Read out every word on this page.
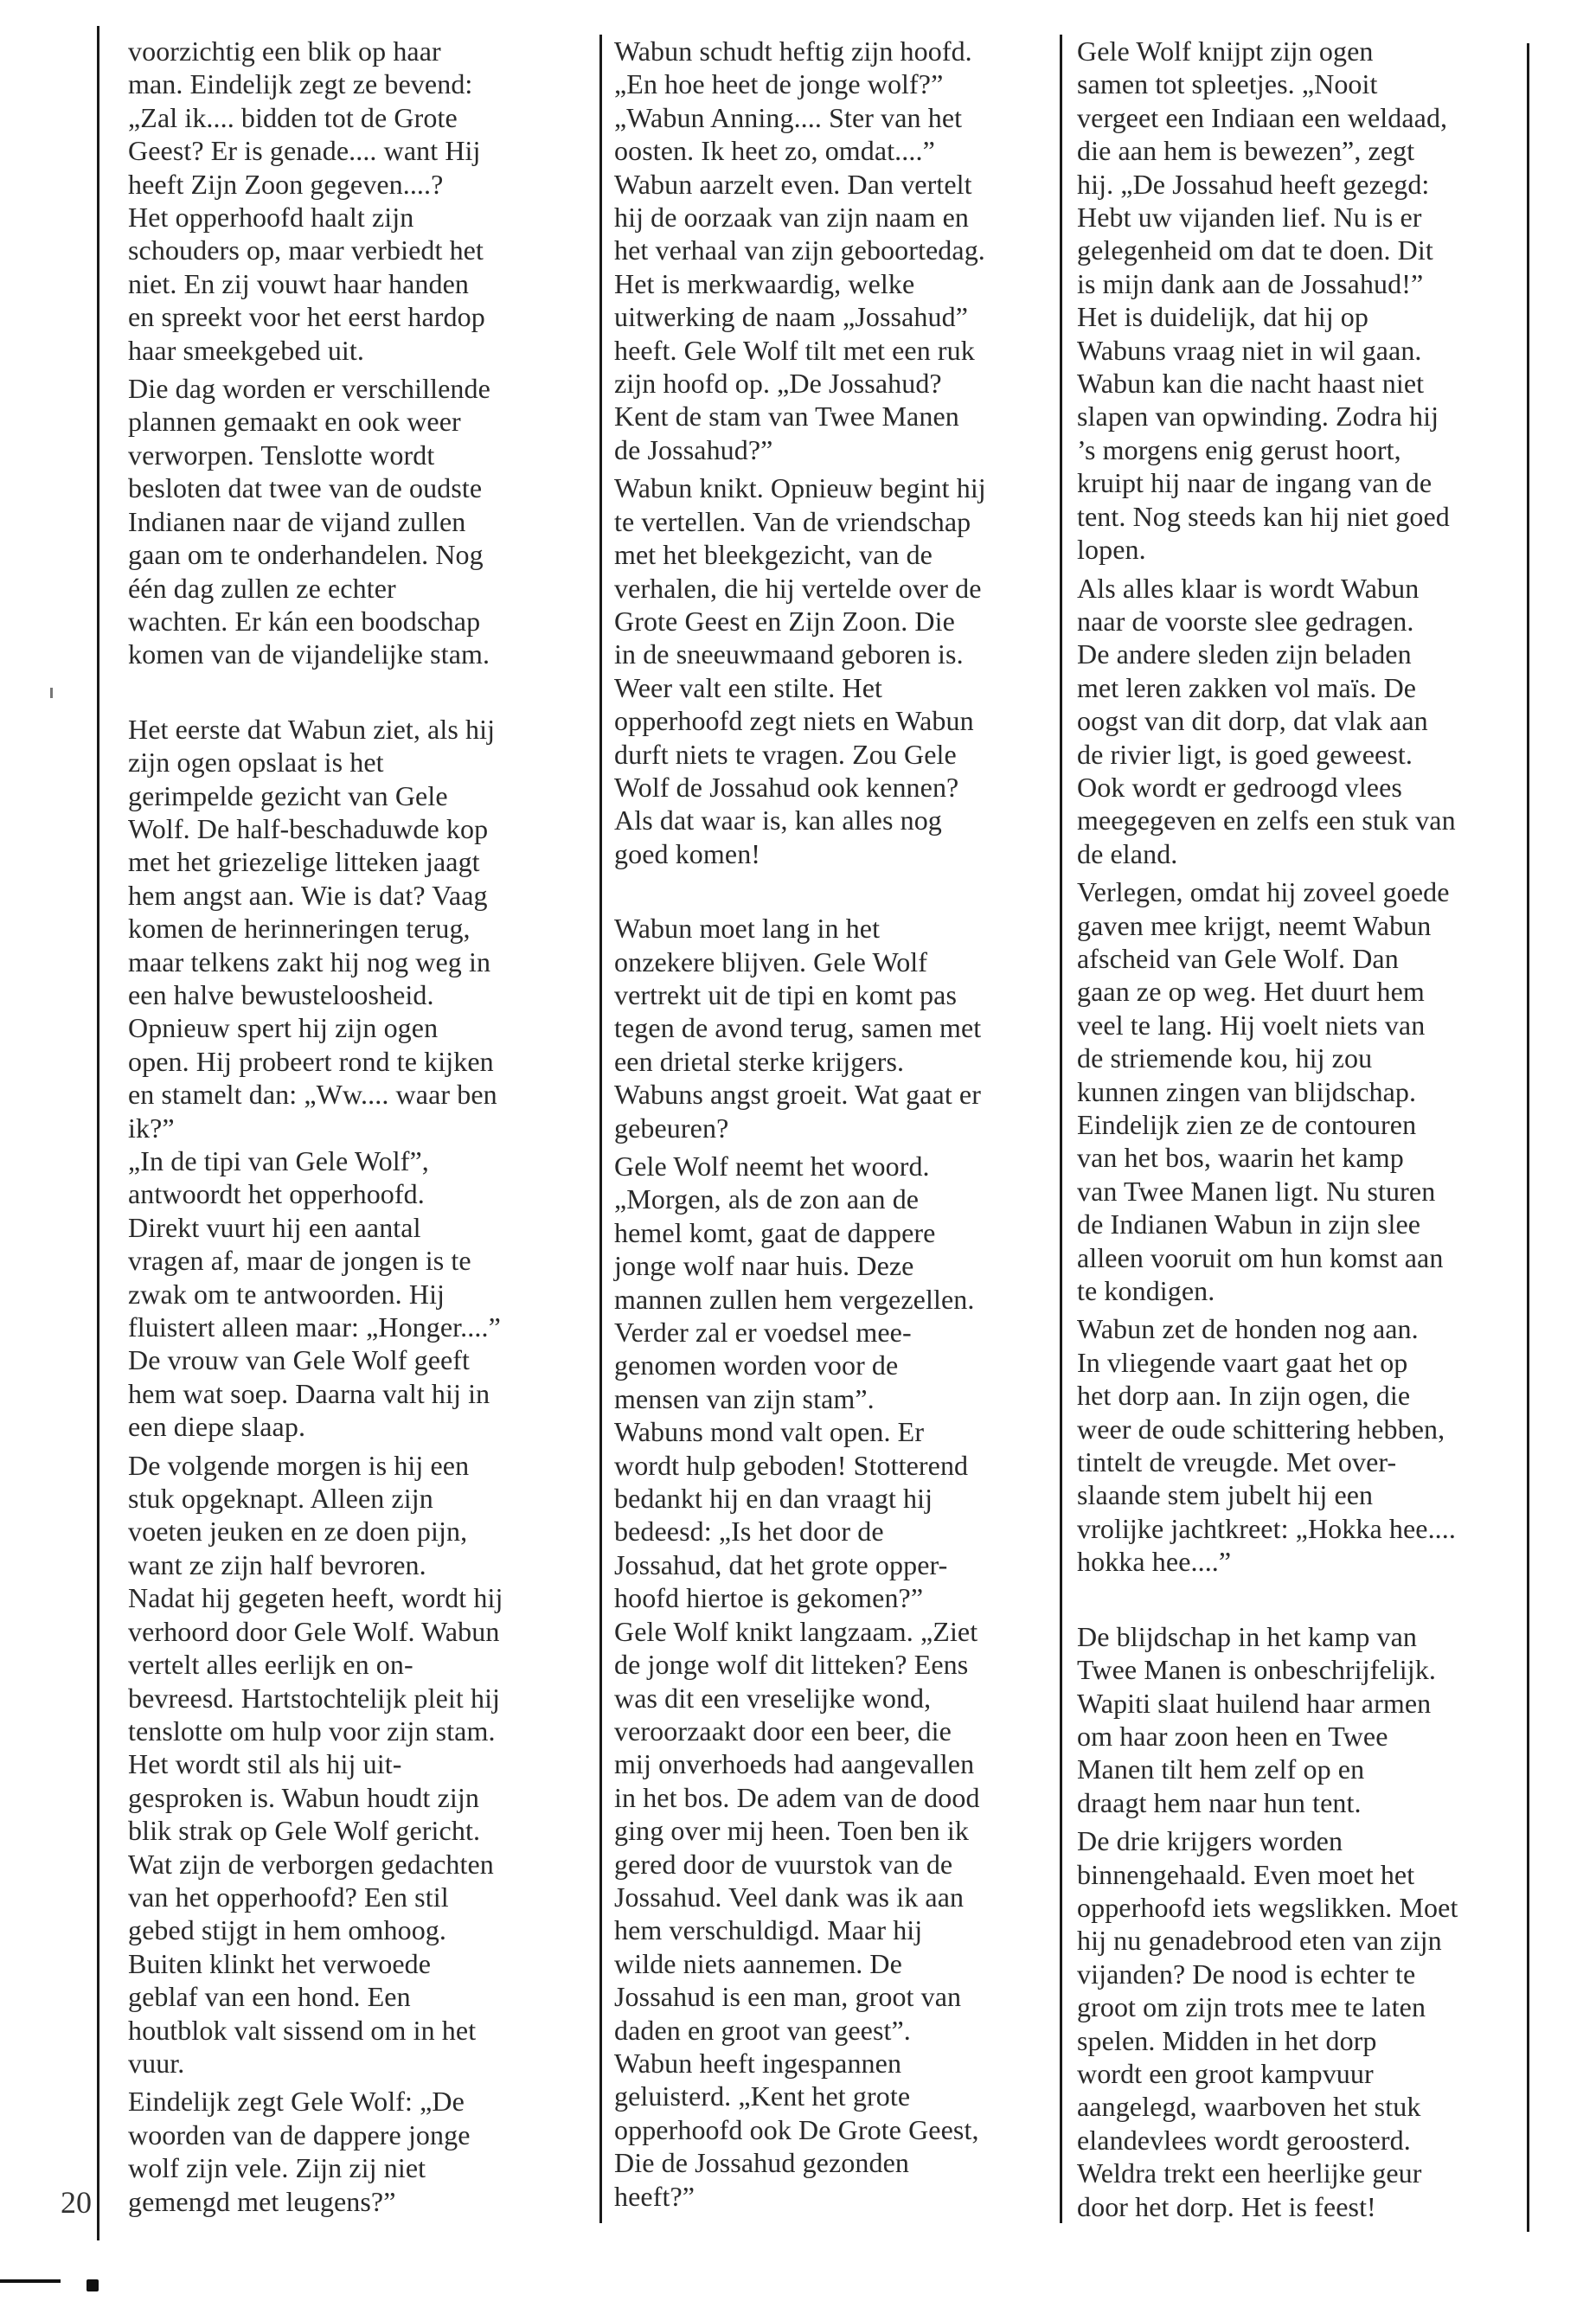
voorzichtig een blik op haar
man. Eindelijk zegt ze bevend:
„Zal ik.... bidden tot de Grote
Geest? Er is genade.... want Hij
heeft Zijn Zoon gegeven....?
Het opperhoofd haalt zijn
schouders op, maar verbiedt het
niet. En zij vouwt haar handen
en spreekt voor het eerst hardop
haar smeekgebed uit.

Die dag worden er verschillende
plannen gemaakt en ook weer
verworpen. Tenslotte wordt
besloten dat twee van de oudste
Indianen naar de vijand zullen
gaan om te onderhandelen. Nog
één dag zullen ze echter
wachten. Er kán een boodschap
komen van de vijandelijke stam.

Het eerste dat Wabun ziet, als hij
zijn ogen opslaat is het
gerimpelde gezicht van Gele
Wolf. De half-beschaduwde kop
met het griezelige litteken jaagt
hem angst aan. Wie is dat? Vaag
komen de herinneringen terug,
maar telkens zakt hij nog weg in
een halve bewusteloosheid.
Opnieuw spert hij zijn ogen
open. Hij probeert rond te kijken
en stamelt dan: „Ww.... waar ben
ik?”
„In de tipi van Gele Wolf”,
antwoordt het opperhoofd.
Direkt vuurt hij een aantal
vragen af, maar de jongen is te
zwak om te antwoorden. Hij
fluistert alleen maar: „Honger....”
De vrouw van Gele Wolf geeft
hem wat soep. Daarna valt hij in
een diepe slaap.

De volgende morgen is hij een
stuk opgeknapt. Alleen zijn
voeten jeuken en ze doen pijn,
want ze zijn half bevroren.
Nadat hij gegeten heeft, wordt hij
verhoord door Gele Wolf. Wabun
vertelt alles eerlijk en on-
bevreesd. Hartstochtelijk pleit hij
tenslotte om hulp voor zijn stam.
Het wordt stil als hij uit-
gesproken is. Wabun houdt zijn
blik strak op Gele Wolf gericht.
Wat zijn de verborgen gedachten
van het opperhoofd? Een stil
gebed stijgt in hem omhoog.
Buiten klinkt het verwoede
geblaf van een hond. Een
houtblok valt sissend om in het
vuur.

Eindelijk zegt Gele Wolf: „De
woorden van de dappere jonge
wolf zijn vele. Zijn zij niet
gemengd met leugens?”

Wabun schudt heftig zijn hoofd.
„En hoe heet de jonge wolf?”
„Wabun Anning.... Ster van het
oosten. Ik heet zo, omdat....”
Wabun aarzelt even. Dan vertelt
hij de oorzaak van zijn naam en
het verhaal van zijn geboortedag.
Het is merkwaardig, welke
uitwerking de naam „Jossahud”
heeft. Gele Wolf tilt met een ruk
zijn hoofd op. „De Jossahud?
Kent de stam van Twee Manen
de Jossahud?”

Wabun knikt. Opnieuw begint hij
te vertellen. Van de vriendschap
met het bleekgezicht, van de
verhalen, die hij vertelde over de
Grote Geest en Zijn Zoon. Die
in de sneeuwmaand geboren is.
Weer valt een stilte. Het
opperhoofd zegt niets en Wabun
durft niets te vragen. Zou Gele
Wolf de Jossahud ook kennen?
Als dat waar is, kan alles nog
goed komen!

Wabun moet lang in het
onzekere blijven. Gele Wolf
vertrekt uit de tipi en komt pas
tegen de avond terug, samen met
een drietal sterke krijgers.
Wabuns angst groeit. Wat gaat er
gebeuren?

Gele Wolf neemt het woord.
„Morgen, als de zon aan de
hemel komt, gaat de dappere
jonge wolf naar huis. Deze
mannen zullen hem vergezellen.
Verder zal er voedsel mee-
genomen worden voor de
mensen van zijn stam”.
Wabuns mond valt open. Er
wordt hulp geboden! Stotterend
bedankt hij en dan vraagt hij
bedeesd: „Is het door de
Jossahud, dat het grote opper-
hoofd hiertoe is gekomen?”
Gele Wolf knikt langzaam. „Ziet
de jonge wolf dit litteken? Eens
was dit een vreselijke wond,
veroorzaakt door een beer, die
mij onverhoeds had aangevallen
in het bos. De adem van de dood
ging over mij heen. Toen ben ik
gered door de vuurstok van de
Jossahud. Veel dank was ik aan
hem verschuldigd. Maar hij
wilde niets aannemen. De
Jossahud is een man, groot van
daden en groot van geest”.
Wabun heeft ingespannen
geluisterd. „Kent het grote
opperhoofd ook De Grote Geest,
Die de Jossahud gezonden
heeft?”

Gele Wolf knijpt zijn ogen
samen tot spleetjes. „Nooit
vergeet een Indiaan een weldaad,
die aan hem is bewezen”, zegt
hij. „De Jossahud heeft gezegd:
Hebt uw vijanden lief. Nu is er
gelegenheid om dat te doen. Dit
is mijn dank aan de Jossahud!”
Het is duidelijk, dat hij op
Wabuns vraag niet in wil gaan.
Wabun kan die nacht haast niet
slapen van opwinding. Zodra hij
’s morgens enig gerust hoort,
kruipt hij naar de ingang van de
tent. Nog steeds kan hij niet goed
lopen.

Als alles klaar is wordt Wabun
naar de voorste slee gedragen.
De andere sleden zijn beladen
met leren zakken vol maïs. De
oogst van dit dorp, dat vlak aan
de rivier ligt, is goed geweest.
Ook wordt er gedroogd vlees
meegegeven en zelfs een stuk van
de eland.

Verlegen, omdat hij zoveel goede
gaven mee krijgt, neemt Wabun
afscheid van Gele Wolf. Dan
gaan ze op weg. Het duurt hem
veel te lang. Hij voelt niets van
de striemende kou, hij zou
kunnen zingen van blijdschap.
Eindelijk zien ze de contouren
van het bos, waarin het kamp
van Twee Manen ligt. Nu sturen
de Indianen Wabun in zijn slee
alleen vooruit om hun komst aan
te kondigen.

Wabun zet de honden nog aan.
In vliegende vaart gaat het op
het dorp aan. In zijn ogen, die
weer de oude schittering hebben,
tintelt de vreugde. Met over-
slaande stem jubelt hij een
vrolijke jachtkreet: „Hokka hee....
hokka hee....”

De blijdschap in het kamp van
Twee Manen is onbeschrijfelijk.
Wapiti slaat huilend haar armen
om haar zoon heen en Twee
Manen tilt hem zelf op en
draagt hem naar hun tent.

De drie krijgers worden
binnengehaald. Even moet het
opperhoofd iets wegslikken. Moet
hij nu genadebrood eten van zijn
vijanden? De nood is echter te
groot om zijn trots mee te laten
spelen. Midden in het dorp
wordt een groot kampvuur
aangelegd, waarboven het stuk
elandevlees wordt geroosterd.
Weldra trekt een heerlijke geur
door het dorp. Het is feest!

20
